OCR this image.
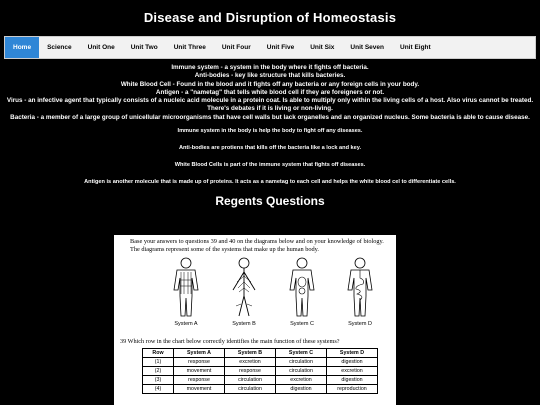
Disease and Disruption of Homeostasis
Home	Science	Unit One	Unit Two	Unit Three	Unit Four	Unit Five	Unit Six	Unit Seven	Unit Eight

Immune system - a system in the body where it fights off bacteria.

Anti-bodies - key like structure that kills bacteries.

White Blood Cell - Found in the blood and it fights off any bacteria or any foreign cells in your body.

Antigen - a "nametag" that tells white blood cell if they are foreigners or not.

Virus - an infective agent that typically consists of a nucleic acid molecule in a protein coat. Is able to multiply only within the living cells of a host. Also virus cannot be treated. There's debates if it is living or non-living.

Bacteria - a member of a large group of unicellular microorganisms that have cell walls but lack organelles and an organized nucleus. Some bacteria is able to cause disease.

Immune system in the body is help the body to fight off any diseases.

Anti-bodies are protiens that kills off the bacteria like a lock and key.

White Blood Cells is part of the immune system that fights off diseases.

Antigen is another molecule that is made up of proteins. It acts as a nametag to each cell and helps the white blood cel to differentiate cells.

Regents Questions
Base your answers to questions 39 and 40 on the diagrams below and on your knowledge of biology. The diagrams represent some of the systems that make up the human body.
System A	System B	System C	System D
39 Which row in the chart below correctly identifies the main function of these systems?
Row	System A	System B	System C	System D
(1)	response	excretion	circulation	digestion
(2)	movement	response	circulation	excretion
(3)	response	circulation	excretion	digestion
(4)	movement	circulation	digestion	reproduction
